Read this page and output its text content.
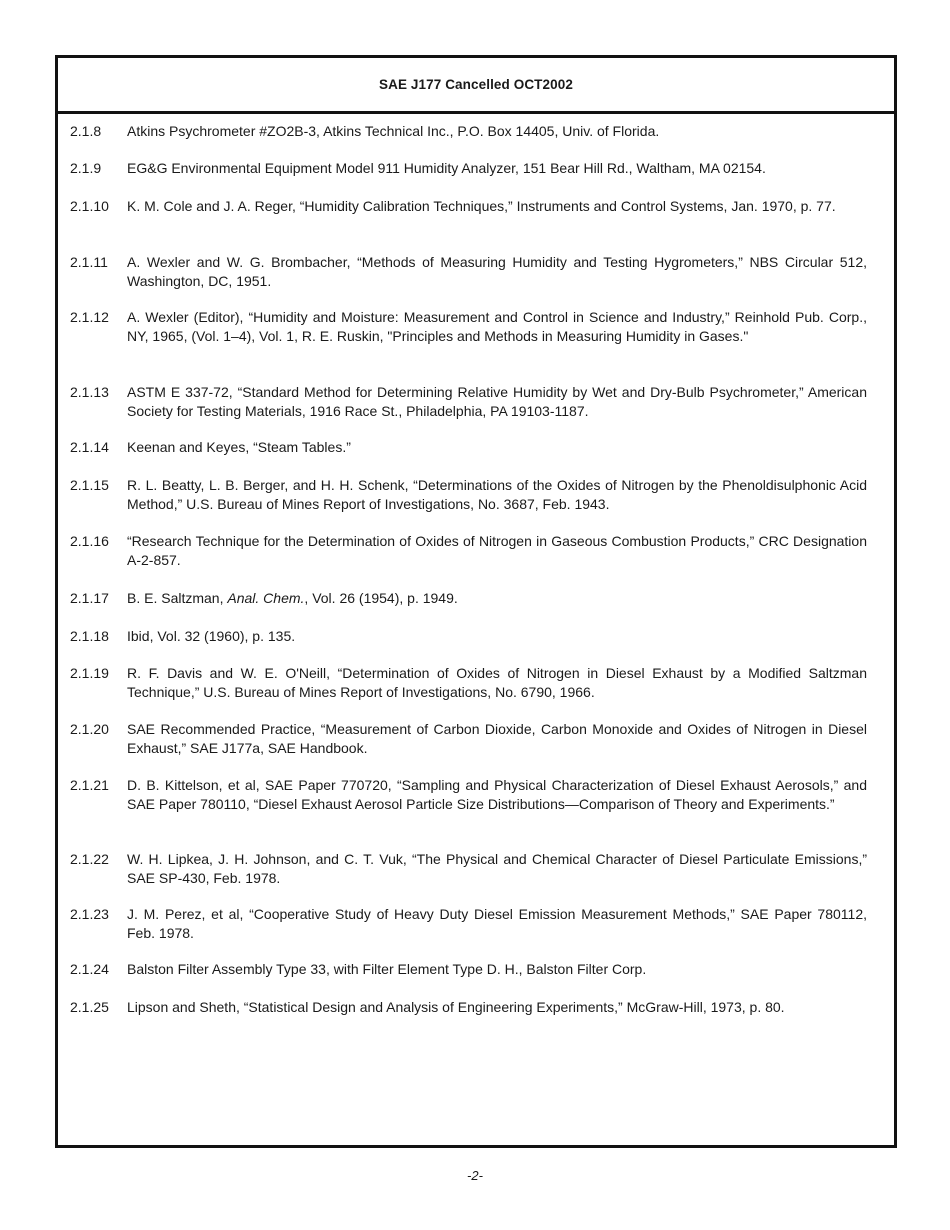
SAE J177 Cancelled OCT2002
2.1.8	Atkins Psychrometer #ZO2B-3, Atkins Technical Inc., P.O. Box 14405, Univ. of Florida.
2.1.9	EG&G Environmental Equipment Model 911 Humidity Analyzer, 151 Bear Hill Rd., Waltham, MA 02154.
2.1.10	K. M. Cole and J. A. Reger, “Humidity Calibration Techniques,” Instruments and Control Systems, Jan. 1970, p. 77.
2.1.11	A. Wexler and W. G. Brombacher, “Methods of Measuring Humidity and Testing Hygrometers,” NBS Circular 512, Washington, DC, 1951.
2.1.12	A. Wexler (Editor), “Humidity and Moisture: Measurement and Control in Science and Industry,” Reinhold Pub. Corp., NY, 1965, (Vol. 1–4), Vol. 1, R. E. Ruskin, "Principles and Methods in Measuring Humidity in Gases."
2.1.13	ASTM E 337-72, “Standard Method for Determining Relative Humidity by Wet and Dry-Bulb Psychrometer,” American Society for Testing Materials, 1916 Race St., Philadelphia, PA 19103-1187.
2.1.14	Keenan and Keyes, “Steam Tables.”
2.1.15	R. L. Beatty, L. B. Berger, and H. H. Schenk, “Determinations of the Oxides of Nitrogen by the Phenoldisulphonic Acid Method,” U.S. Bureau of Mines Report of Investigations, No. 3687, Feb. 1943.
2.1.16	“Research Technique for the Determination of Oxides of Nitrogen in Gaseous Combustion Products,” CRC Designation A-2-857.
2.1.17	B. E. Saltzman, Anal. Chem., Vol. 26 (1954), p. 1949.
2.1.18	Ibid, Vol. 32 (1960), p. 135.
2.1.19	R. F. Davis and W. E. O'Neill, “Determination of Oxides of Nitrogen in Diesel Exhaust by a Modified Saltzman Technique,” U.S. Bureau of Mines Report of Investigations, No. 6790, 1966.
2.1.20	SAE Recommended Practice, “Measurement of Carbon Dioxide, Carbon Monoxide and Oxides of Nitrogen in Diesel Exhaust,” SAE J177a, SAE Handbook.
2.1.21	D. B. Kittelson, et al, SAE Paper 770720, “Sampling and Physical Characterization of Diesel Exhaust Aerosols,” and SAE Paper 780110, “Diesel Exhaust Aerosol Particle Size Distributions—Comparison of Theory and Experiments.”
2.1.22	W. H. Lipkea, J. H. Johnson, and C. T. Vuk, “The Physical and Chemical Character of Diesel Particulate Emissions,” SAE SP-430, Feb. 1978.
2.1.23	J. M. Perez, et al, “Cooperative Study of Heavy Duty Diesel Emission Measurement Methods,” SAE Paper 780112, Feb. 1978.
2.1.24	Balston Filter Assembly Type 33, with Filter Element Type D. H., Balston Filter Corp.
2.1.25	Lipson and Sheth, “Statistical Design and Analysis of Engineering Experiments,” McGraw-Hill, 1973, p. 80.
-2-
